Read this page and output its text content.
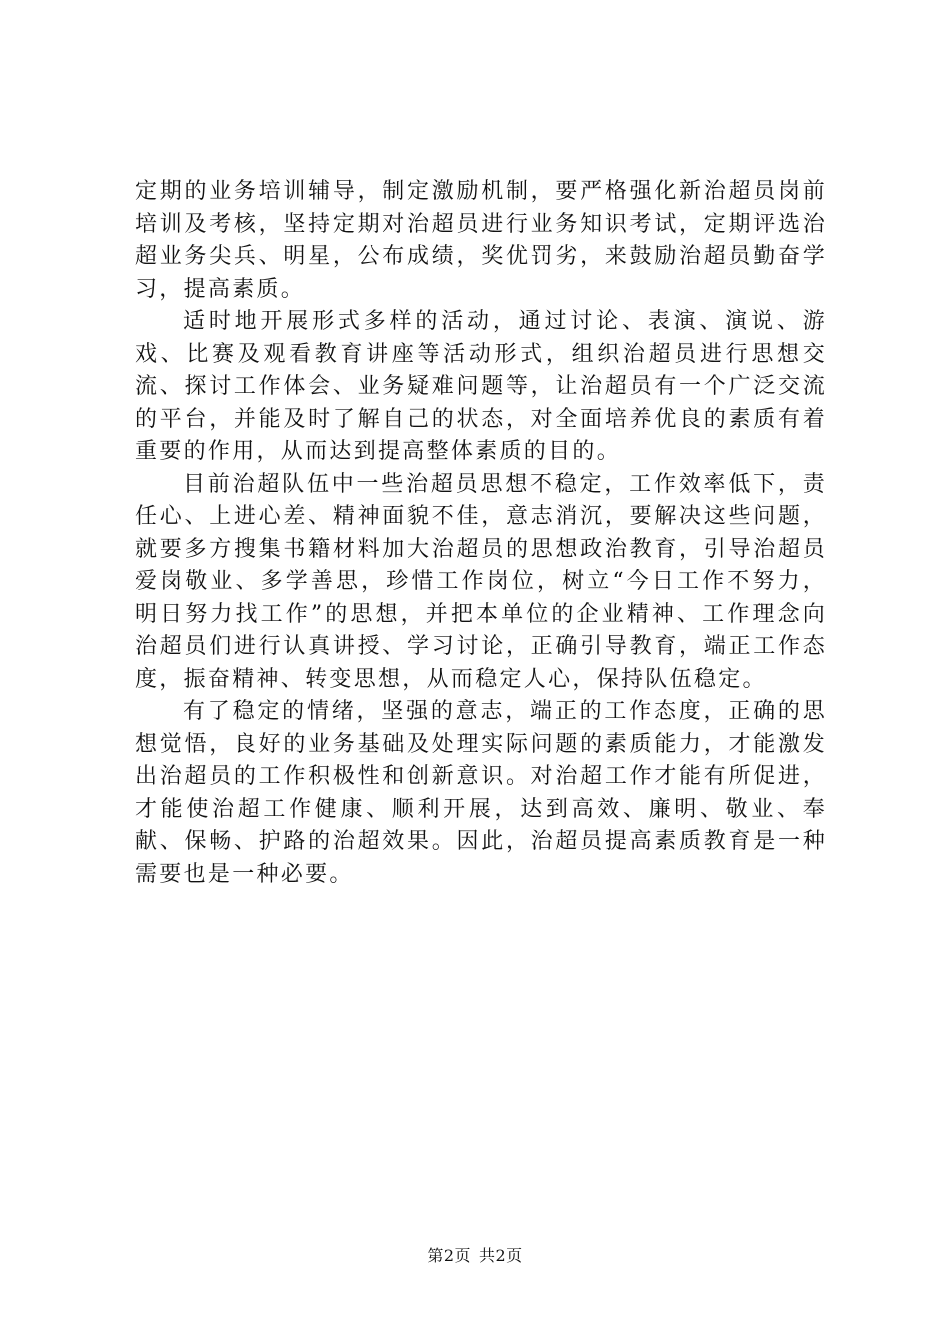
定期的业务培训辅导，制定激励机制，要严格强化新治超员岗前培训及考核，坚持定期对治超员进行业务知识考试，定期评选治超业务尖兵、明星，公布成绩，奖优罚劣，来鼓励治超员勤奋学习，提高素质。

适时地开展形式多样的活动，通过讨论、表演、演说、游戏、比赛及观看教育讲座等活动形式，组织治超员进行思想交流、探讨工作体会、业务疑难问题等，让治超员有一个广泛交流的平台，并能及时了解自己的状态，对全面培养优良的素质有着重要的作用，从而达到提高整体素质的目的。

目前治超队伍中一些治超员思想不稳定，工作效率低下，责任心、上进心差、精神面貌不佳，意志消沉，要解决这些问题，就要多方搜集书籍材料加大治超员的思想政治教育，引导治超员爱岗敬业、多学善思，珍惜工作岗位，树立“今日工作不努力，明日努力找工作”的思想，并把本单位的企业精神、工作理念向治超员们进行认真讲授、学习讨论，正确引导教育，端正工作态度，振奋精神、转变思想，从而稳定人心，保持队伍稳定。

有了稳定的情绪，坚强的意志，端正的工作态度，正确的思想觉悟，良好的业务基础及处理实际问题的素质能力，才能激发出治超员的工作积极性和创新意识。对治超工作才能有所促进，才能使治超工作健康、顺利开展，达到高效、廉明、敬业、奉献、保畅、护路的治超效果。因此，治超员提高素质教育是一种需要也是一种必要。

第2页 共2页
